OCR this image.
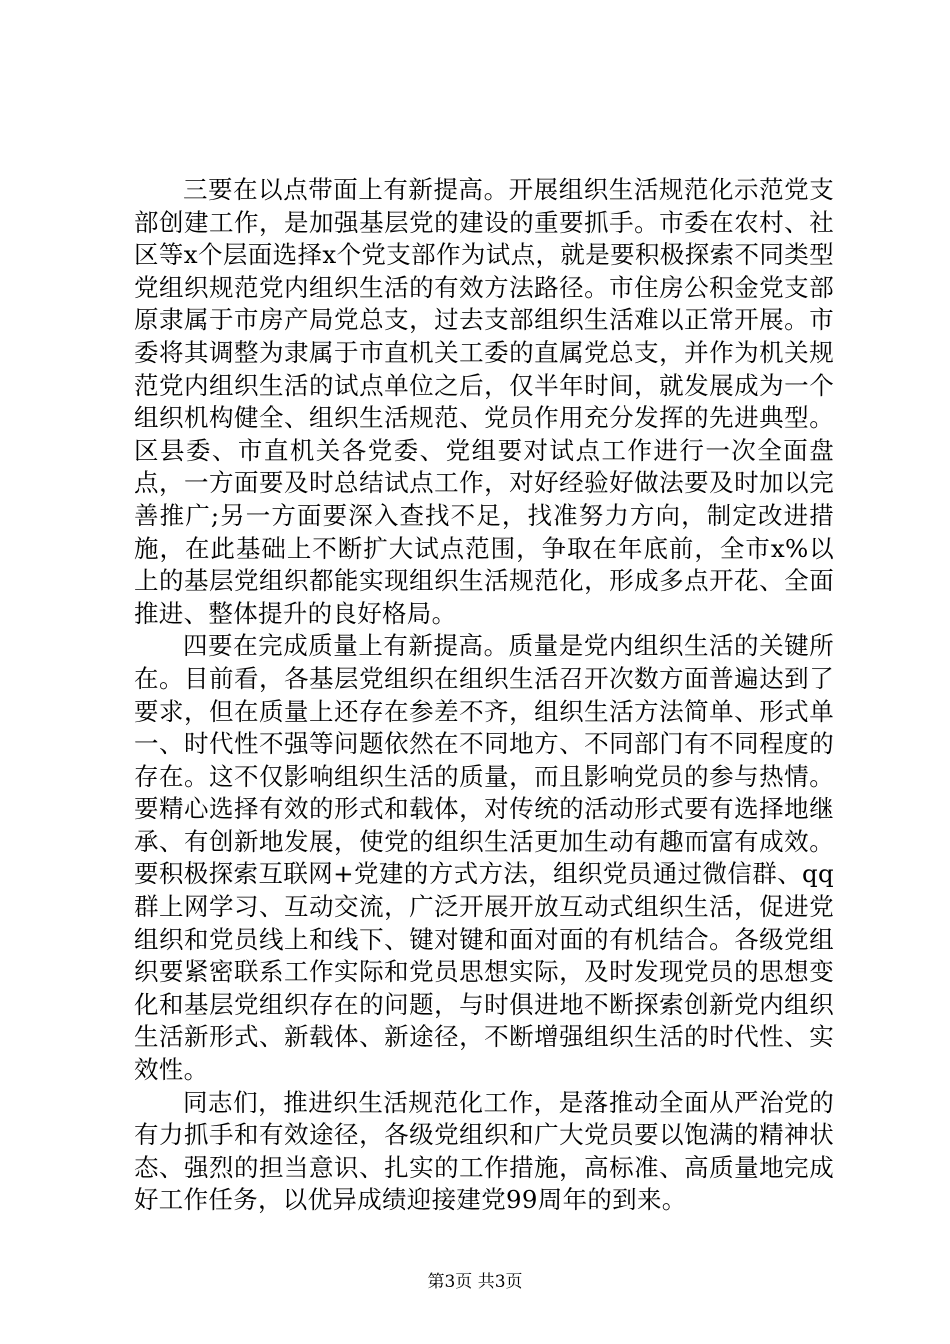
三要在以点带面上有新提高。开展组织生活规范化示范党支部创建工作，是加强基层党的建设的重要抓手。市委在农村、社区等x个层面选择x个党支部作为试点，就是要积极探索不同类型党组织规范党内组织生活的有效方法路径。市住房公积金党支部原隶属于市房产局党总支，过去支部组织生活难以正常开展。市委将其调整为隶属于市直机关工委的直属党总支，并作为机关规范党内组织生活的试点单位之后，仅半年时间，就发展成为一个组织机构健全、组织生活规范、党员作用充分发挥的先进典型。区县委、市直机关各党委、党组要对试点工作进行一次全面盘点，一方面要及时总结试点工作，对好经验好做法要及时加以完善推广;另一方面要深入查找不足，找准努力方向，制定改进措施，在此基础上不断扩大试点范围，争取在年底前，全市x%以上的基层党组织都能实现组织生活规范化，形成多点开花、全面推进、整体提升的良好格局。

四要在完成质量上有新提高。质量是党内组织生活的关键所在。目前看，各基层党组织在组织生活召开次数方面普遍达到了要求，但在质量上还存在参差不齐，组织生活方法简单、形式单一、时代性不强等问题依然在不同地方、不同部门有不同程度的存在。这不仅影响组织生活的质量，而且影响党员的参与热情。要精心选择有效的形式和载体，对传统的活动形式要有选择地继承、有创新地发展，使党的组织生活更加生动有趣而富有成效。要积极探索互联网+党建的方式方法，组织党员通过微信群、qq群上网学习、互动交流，广泛开展开放互动式组织生活，促进党组织和党员线上和线下、键对键和面对面的有机结合。各级党组织要紧密联系工作实际和党员思想实际，及时发现党员的思想变化和基层党组织存在的问题，与时俱进地不断探索创新党内组织生活新形式、新载体、新途径，不断增强组织生活的时代性、实效性。

同志们，推进织生活规范化工作，是落推动全面从严治党的有力抓手和有效途径，各级党组织和广大党员要以饱满的精神状态、强烈的担当意识、扎实的工作措施，高标准、高质量地完成好工作任务，以优异成绩迎接建党99周年的到来。

第3页 共3页
